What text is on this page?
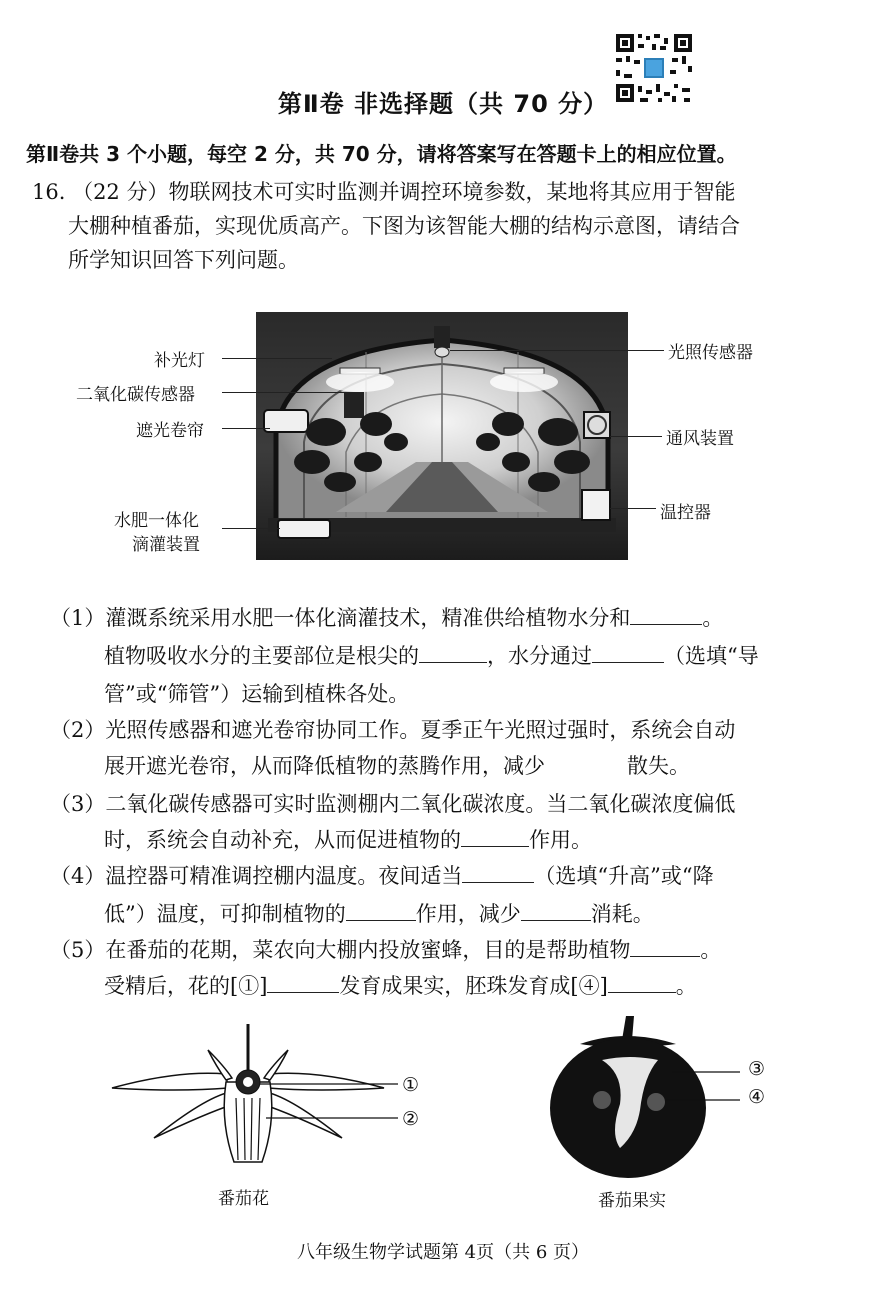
第Ⅱ卷 非选择题（共 70 分）
第Ⅱ卷共 3 个小题，每空 2 分，共 70 分，请将答案写在答题卡上的相应位置。
16. （22 分）物联网技术可实时监测并调控环境参数，某地将其应用于智能
大棚种植番茄，实现优质高产。下图为该智能大棚的结构示意图，请结合
所学知识回答下列问题。
补光灯
二氧化碳传感器
遮光卷帘
水肥一体化
滴灌装置
光照传感器
通风装置
温控器
（1）灌溉系统采用水肥一体化滴灌技术，精准供给植物水分和	。
植物吸收水分的主要部位是根尖的	，水分通过	（选填“导
管”或“筛管”）运输到植株各处。
（2）光照传感器和遮光卷帘协同工作。夏季正午光照过强时，系统会自动
展开遮光卷帘，从而降低植物的蒸腾作用，减少	散失。
（3）二氧化碳传感器可实时监测棚内二氧化碳浓度。当二氧化碳浓度偏低
时，系统会自动补充，从而促进植物的	作用。
（4）温控器可精准调控棚内温度。夜间适当	（选填“升高”或“降
低”）温度，可抑制植物的	作用，减少	消耗。
（5）在番茄的花期，菜农向大棚内投放蜜蜂，目的是帮助植物	。
受精后，花的[①]	发育成果实，胚珠发育成[④]	。
①
②
番茄花
③
④
番茄果实
八年级生物学试题第 4页（共 6 页）
